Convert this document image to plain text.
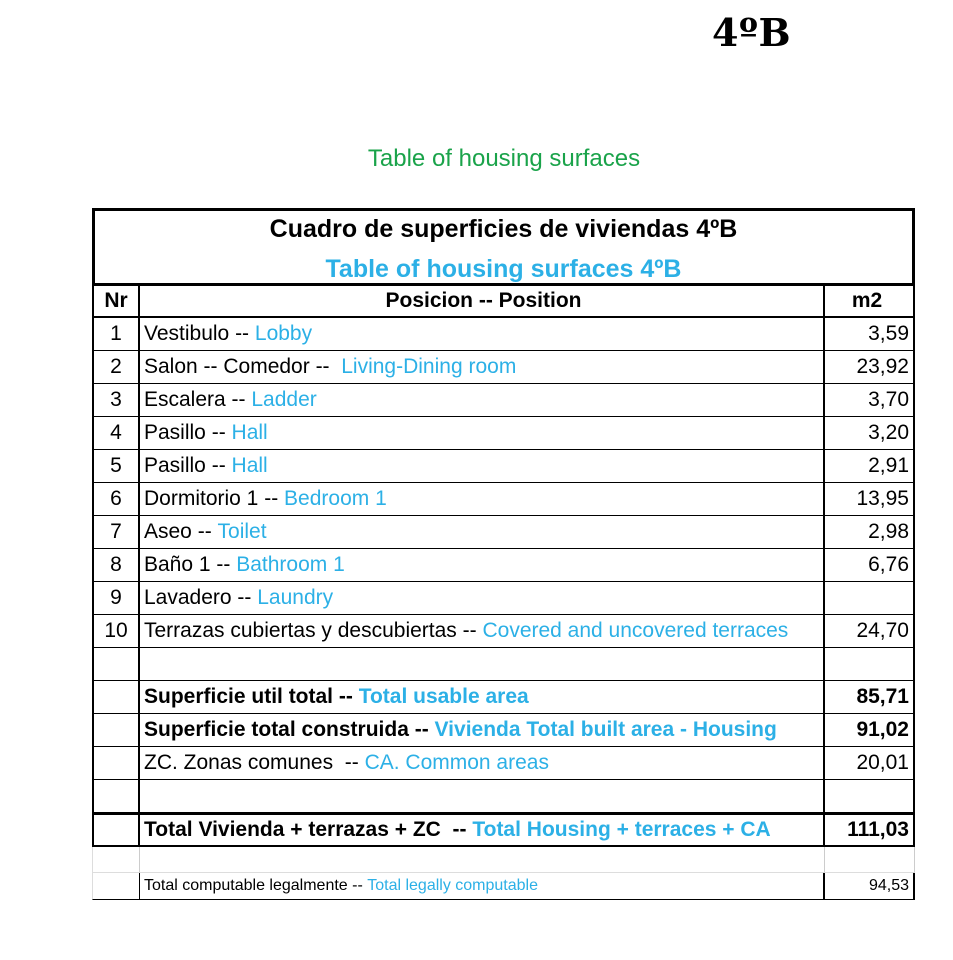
4ºB
Table of housing surfaces
Cuadro de superficies de viviendas 4ºB
Table of housing surfaces 4ºB
Nr	Posicion -- Position	m2
1	Vestibulo -- Lobby	3,59
2	Salon -- Comedor -- Living-Dining room	23,92
3	Escalera -- Ladder	3,70
4	Pasillo -- Hall	3,20
5	Pasillo -- Hall	2,91
6	Dormitorio 1 -- Bedroom 1	13,95
7	Aseo -- Toilet	2,98
8	Baño 1 -- Bathroom 1	6,76
9	Lavadero -- Laundry
10 Terrazas cubiertas y descubiertas -- Covered and uncovered terraces	24,70
Superficie util total -- Total usable area	85,71
Superficie total construida -- Vivienda Total built area - Housing	91,02
ZC. Zonas comunes  -- CA. Common areas	20,01
Total Vivienda + terrazas + ZC  -- Total Housing + terraces + CA	111,03
Total computable legalmente -- Total legally computable	94,53
